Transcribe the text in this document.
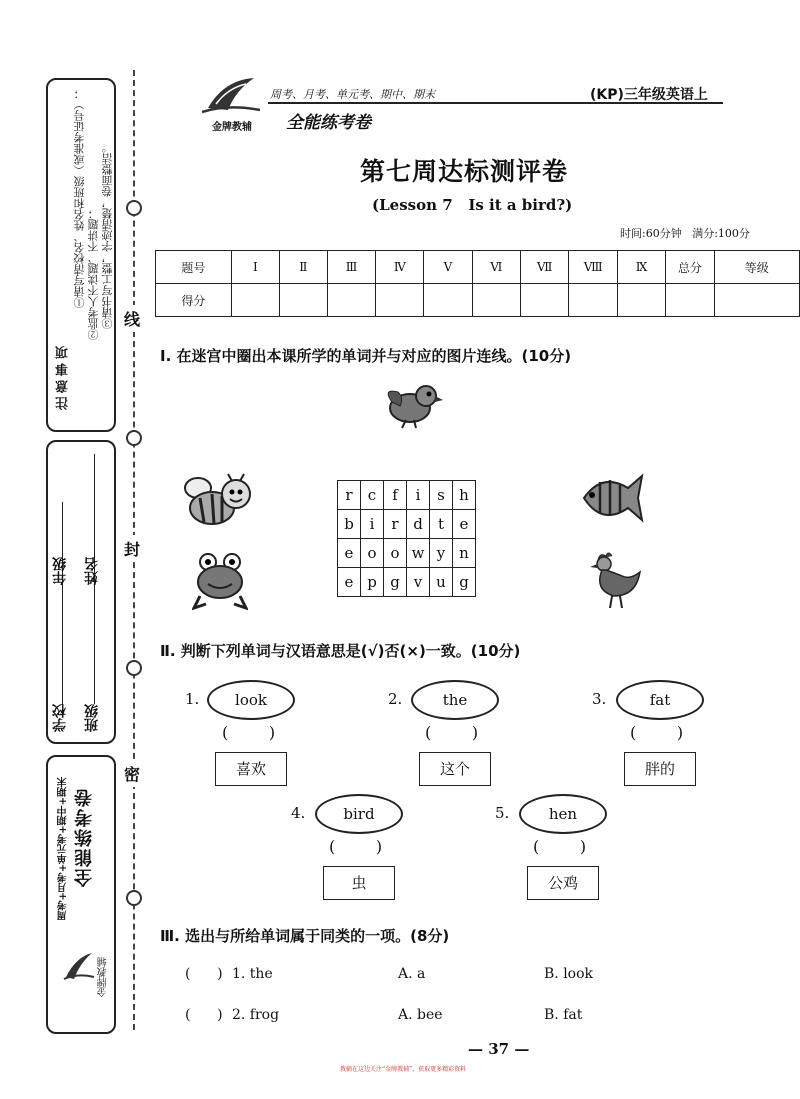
注意事项
①请写清校名、姓名和班级（或准考证号）； ②监考人不读题、不讲题； ③请书写工整，字迹清楚，卷面整洁。
学校
年级
班级
姓名
周考+月考+单元考+期中+期末 全能练考卷
金牌教辅
线
封
密
金牌教辅
周考、月考、单元考、期中、期末	(KP)三年级英语上
全能练考卷
第七周达标测评卷
(Lesson 7   Is it a bird?)
时间:60分钟   满分:100分
题号	Ⅰ	Ⅱ	Ⅲ	Ⅳ	Ⅴ	Ⅵ	Ⅶ	Ⅷ	Ⅸ	总分	等级
得分											
Ⅰ. 在迷宫中圈出本课所学的单词并与对应的图片连线。(10分)
r	c	f	i	s	h
b	i	r	d	t	e
e	o	o	w	y	n
e	p	g	v	u	g
Ⅱ. 判断下列单词与汉语意思是(√)否(×)一致。(10分)
1.	look
(        )
喜欢
2.	the
(        )
这个
3.	fat
(        )
胖的
4.	bird
(        )
虫
5.	hen
(        )
公鸡
Ⅲ. 选出与所给单词属于同类的一项。(8分)
(      ) 1. the	A. a	B. look
(      ) 2. frog	A. bee	B. fat
— 37 —
教辅在这边关注“金牌教辅”，获取更多精彩资料
